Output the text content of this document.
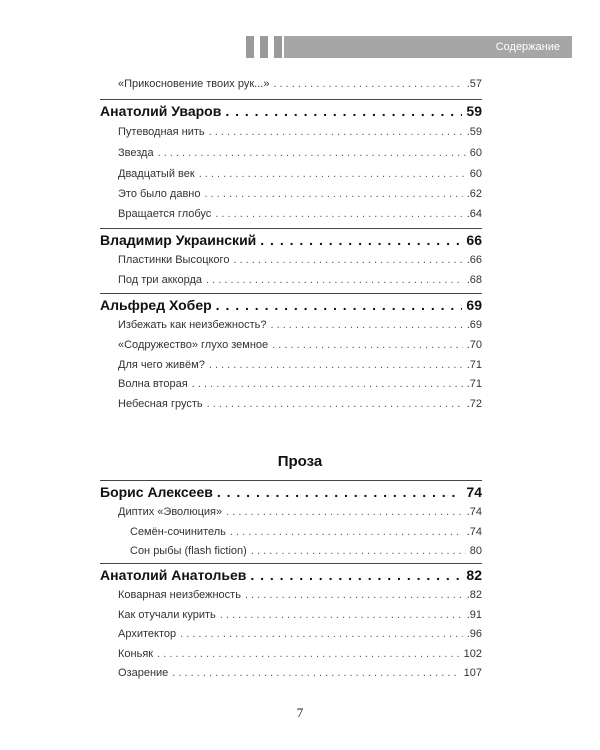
Содержание
«Прикосновение твоих рук...» . . .	.57
Анатолий Уваров . . .	59
Путеводная нить . . .	.59
Звезда . . .	60
Двадцатый век . . .	60
Это было давно . . .	.62
Вращается глобус . . .	.64
Владимир Украинский . . .	66
Пластинки Высоцкого . . .	.66
Под три аккорда . . .	.68
Альфред Хобер . . .	69
Избежать как неизбежность? . . .	.69
«Содружество» глухо земное . . .	.70
Для чего живём? . . .	.71
Волна вторая . . .	.71
Небесная грусть . . .	.72
Борис Алексеев . . .	74
Диптих «Эволюция» . . .	.74
Семён-сочинитель . . .	.74
Сон рыбы (flash fiction) . . .	80
Анатолий Анатольев . . .	82
Коварная неизбежность . . .	.82
Как отучали курить . . .	.91
Архитектор . . .	.96
Коньяк . . .	102
Озарение . . .	107
Проза
7
